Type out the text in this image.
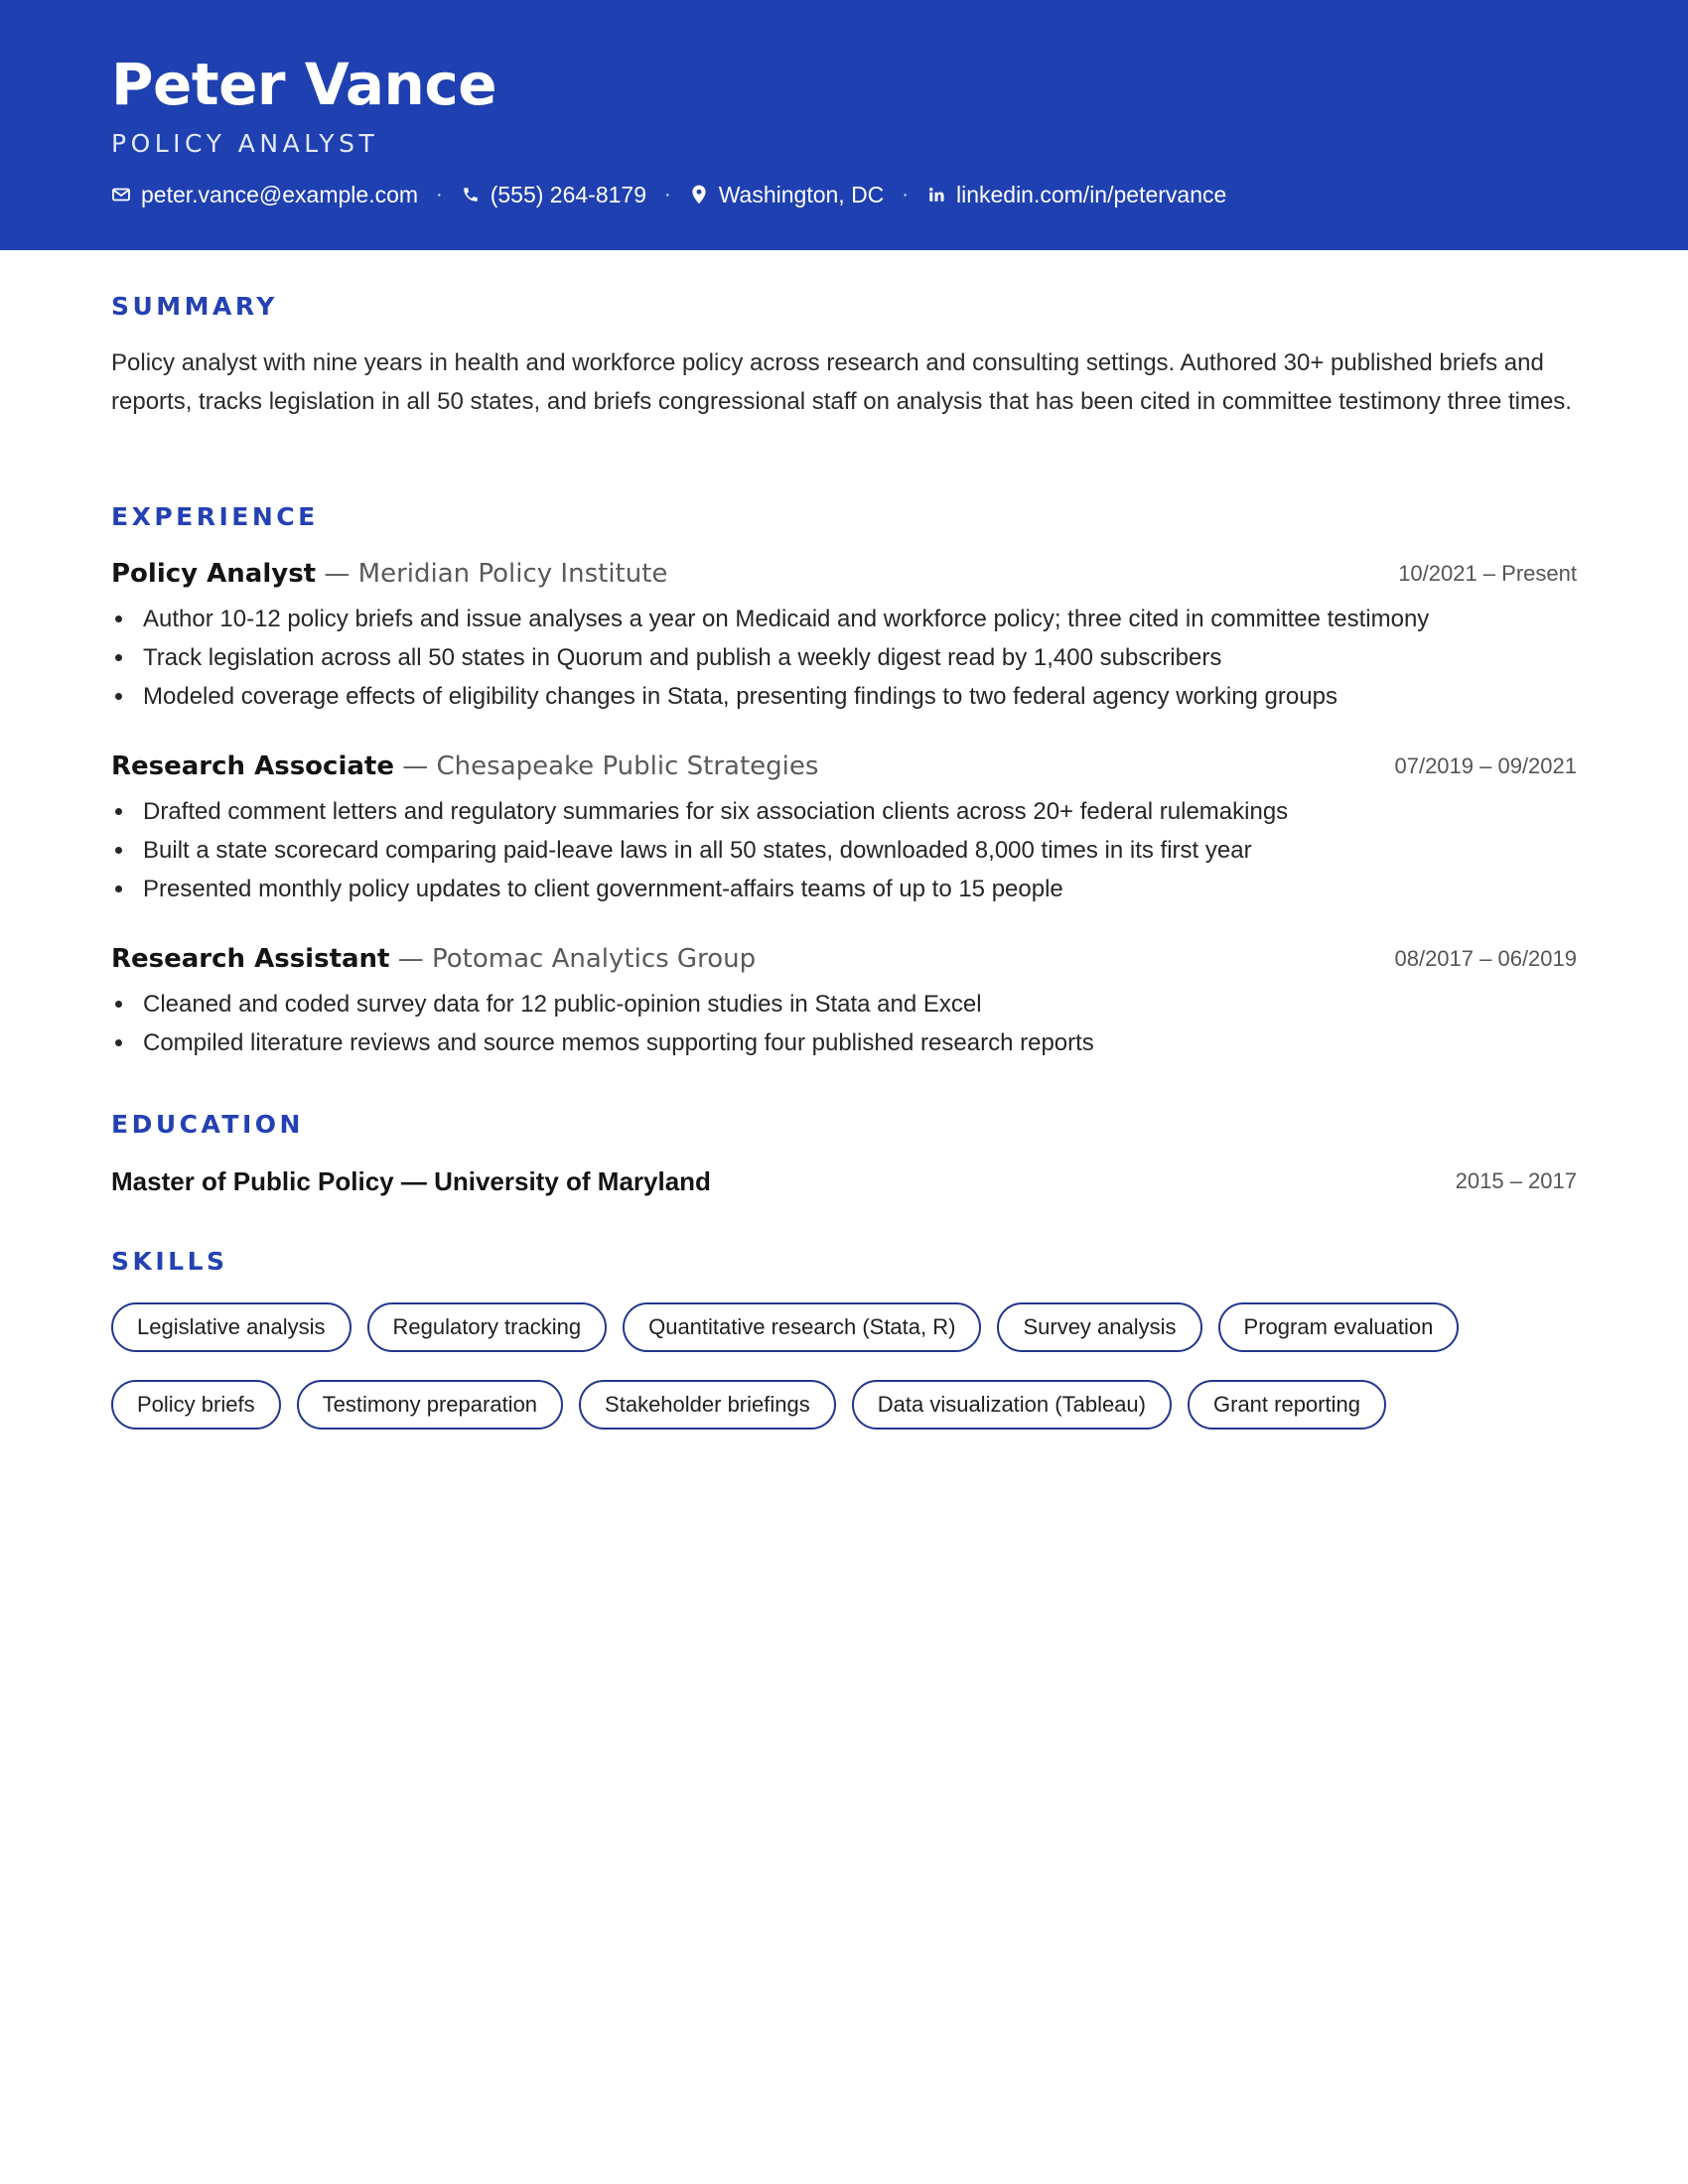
Peter Vance
POLICY ANALYST
peter.vance@example.com · (555) 264-8179 · Washington, DC · linkedin.com/in/petervance
SUMMARY

Policy analyst with nine years in health and workforce policy across research and consulting settings. Authored 30+ published briefs and reports, tracks legislation in all 50 states, and briefs congressional staff on analysis that has been cited in committee testimony three times.

EXPERIENCE
Policy Analyst — Meridian Policy Institute	10/2021 – Present
Author 10-12 policy briefs and issue analyses a year on Medicaid and workforce policy; three cited in committee testimony
Track legislation across all 50 states in Quorum and publish a weekly digest read by 1,400 subscribers
Modeled coverage effects of eligibility changes in Stata, presenting findings to two federal agency working groups
Research Associate — Chesapeake Public Strategies	07/2019 – 09/2021
Drafted comment letters and regulatory summaries for six association clients across 20+ federal rulemakings
Built a state scorecard comparing paid-leave laws in all 50 states, downloaded 8,000 times in its first year
Presented monthly policy updates to client government-affairs teams of up to 15 people
Research Assistant — Potomac Analytics Group	08/2017 – 06/2019
Cleaned and coded survey data for 12 public-opinion studies in Stata and Excel
Compiled literature reviews and source memos supporting four published research reports
EDUCATION
Master of Public Policy — University of Maryland	2015 – 2017
SKILLS
Legislative analysis	Regulatory tracking	Quantitative research (Stata, R)	Survey analysis	Program evaluation
Policy briefs	Testimony preparation	Stakeholder briefings	Data visualization (Tableau)	Grant reporting
